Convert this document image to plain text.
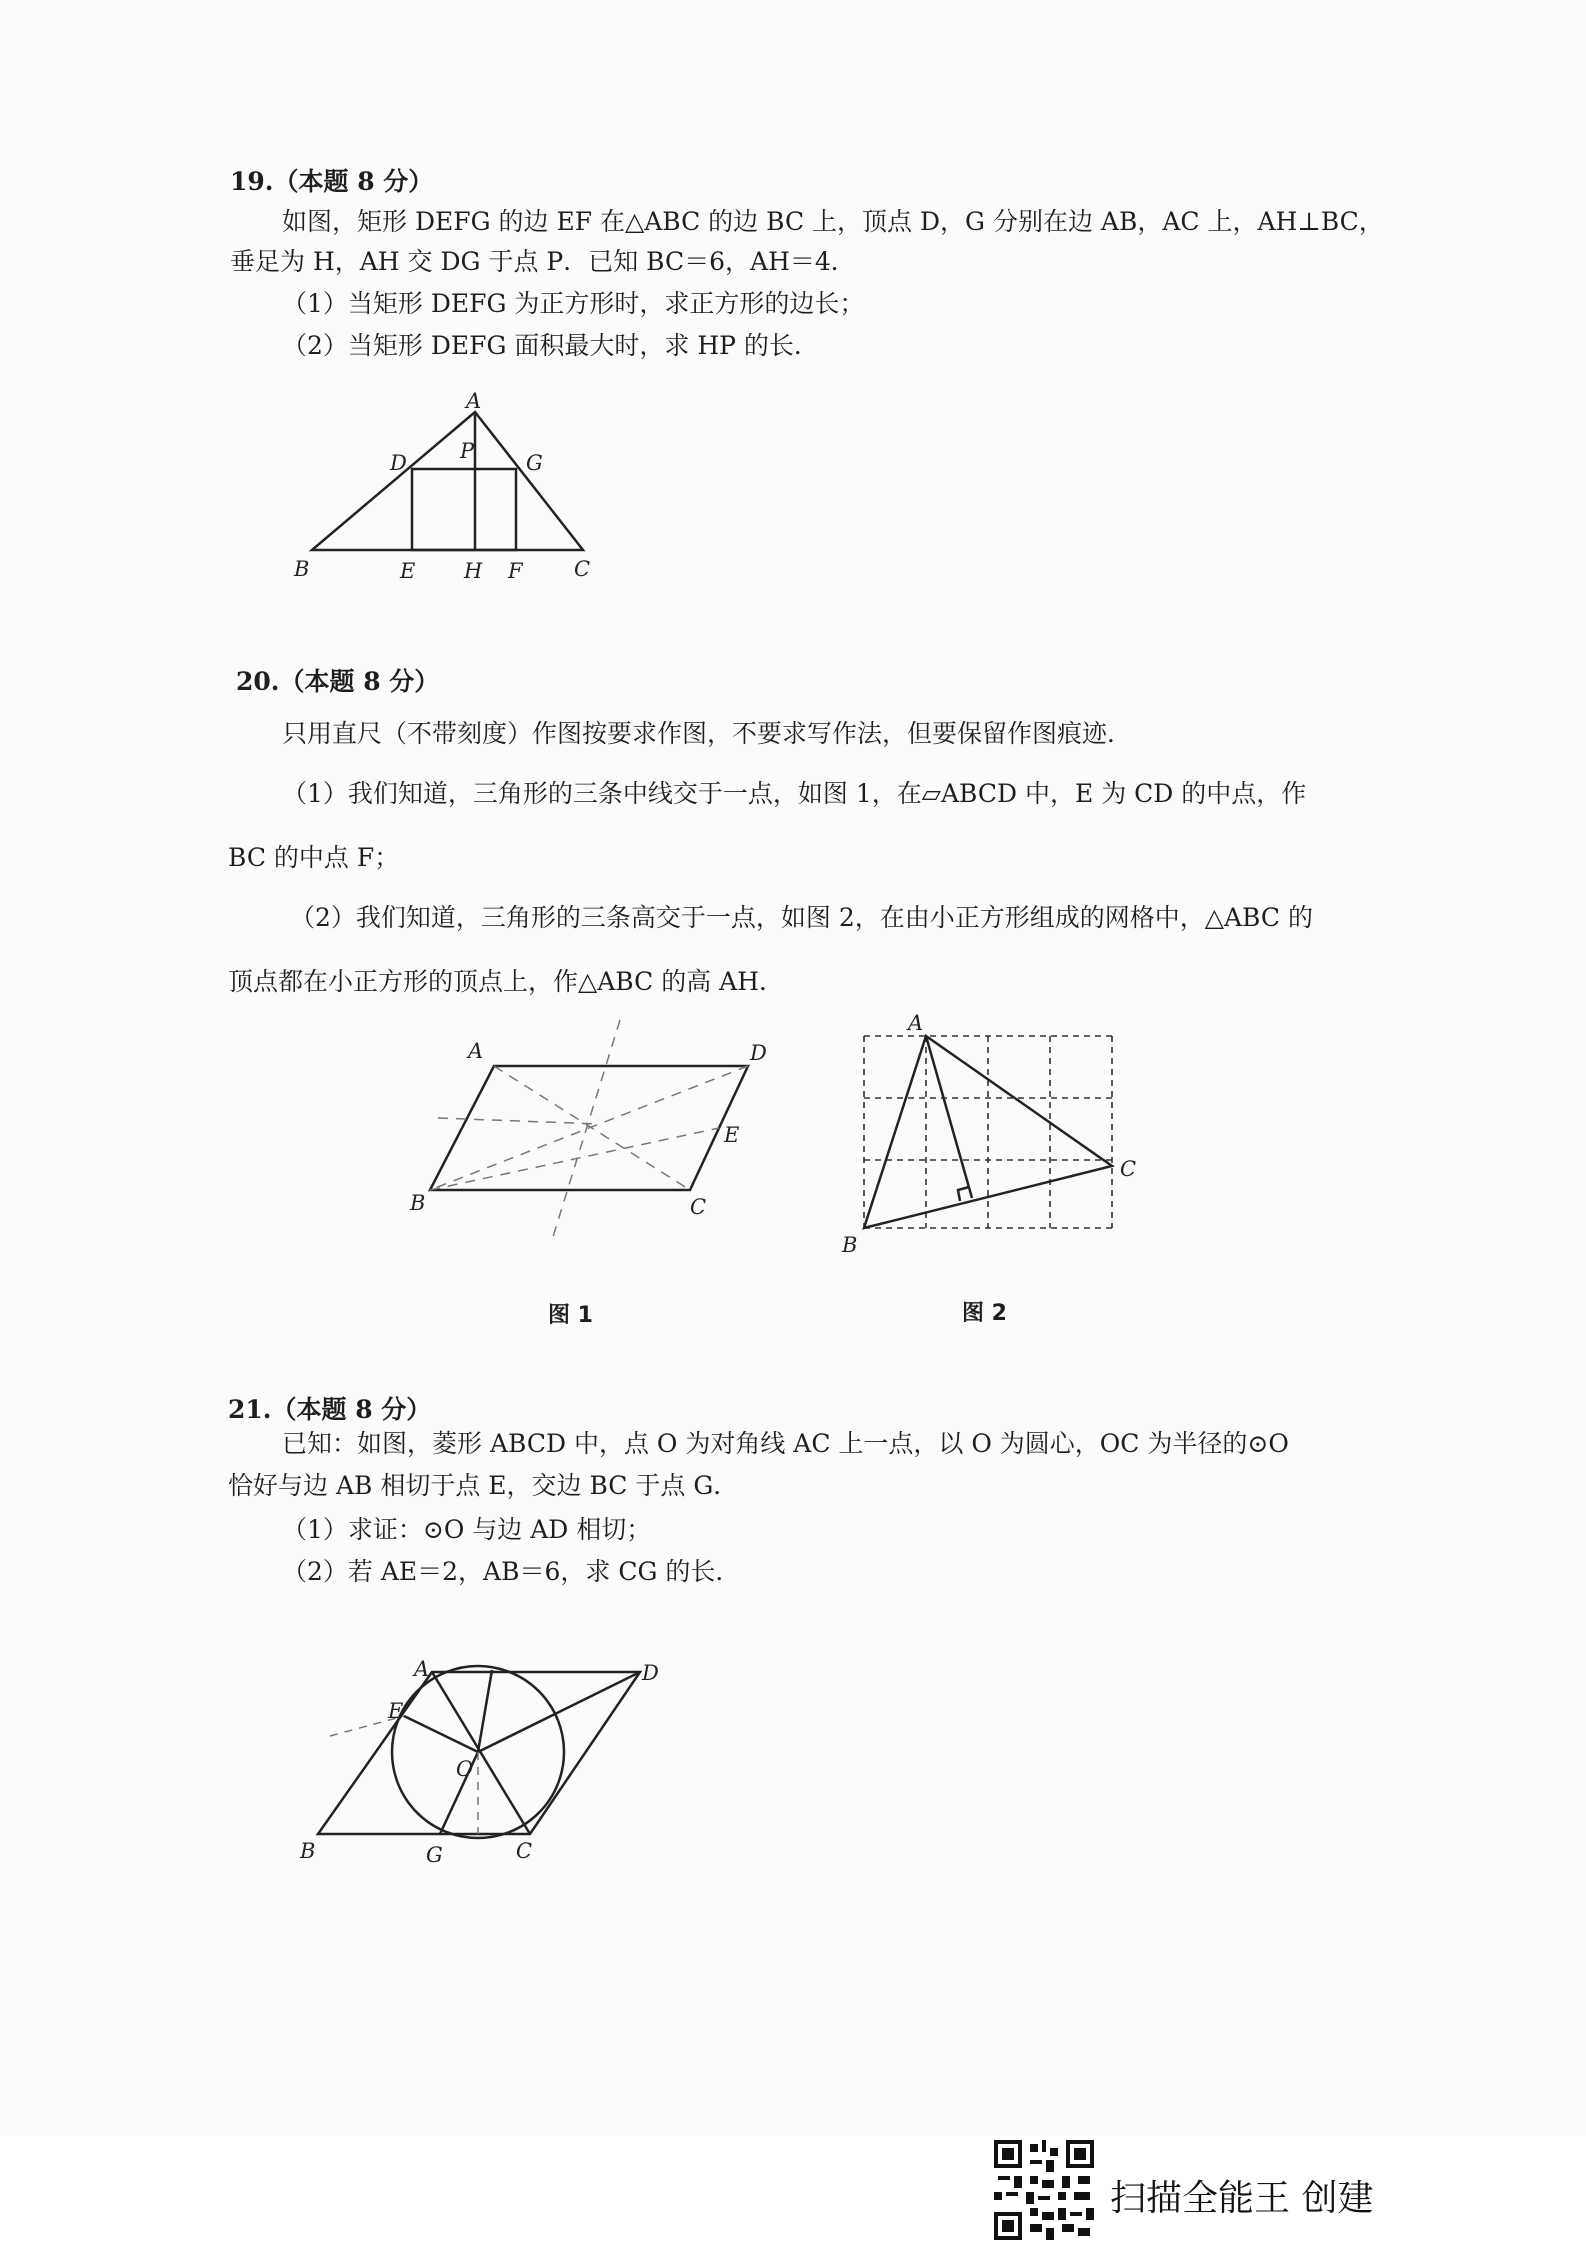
19.（本题 8 分）
如图，矩形 DEFG 的边 EF 在△ABC 的边 BC 上，顶点 D，G 分别在边 AB，AC 上，AH⊥BC，
垂足为 H，AH 交 DG 于点 P．已知 BC＝6，AH＝4．
（1）当矩形 DEFG 为正方形时，求正方形的边长；
（2）当矩形 DEFG 面积最大时，求 HP 的长．
A
D	P G
B	E H F C
20.（本题 8 分）
只用直尺（不带刻度）作图按要求作图，不要求写作法，但要保留作图痕迹．
（1）我们知道，三角形的三条中线交于一点，如图 1，在▱ABCD 中，E 为 CD 的中点，作
BC 的中点 F；
（2）我们知道，三角形的三条高交于一点，如图 2，在由小正方形组成的网格中，△ABC 的
顶点都在小正方形的顶点上，作△ABC 的高 AH．
A	D
E
B	C
图 1
A
B
C
图 2
21.（本题 8 分）
已知：如图，菱形 ABCD 中，点 O 为对角线 AC 上一点，以 O 为圆心，OC 为半径的⊙O
恰好与边 AB 相切于点 E，交边 BC 于点 G．
（1）求证：⊙O 与边 AD 相切；
（2）若 AE＝2，AB＝6，求 CG 的长．
A	D
E
O
B	G	C
扫描全能王 创建
